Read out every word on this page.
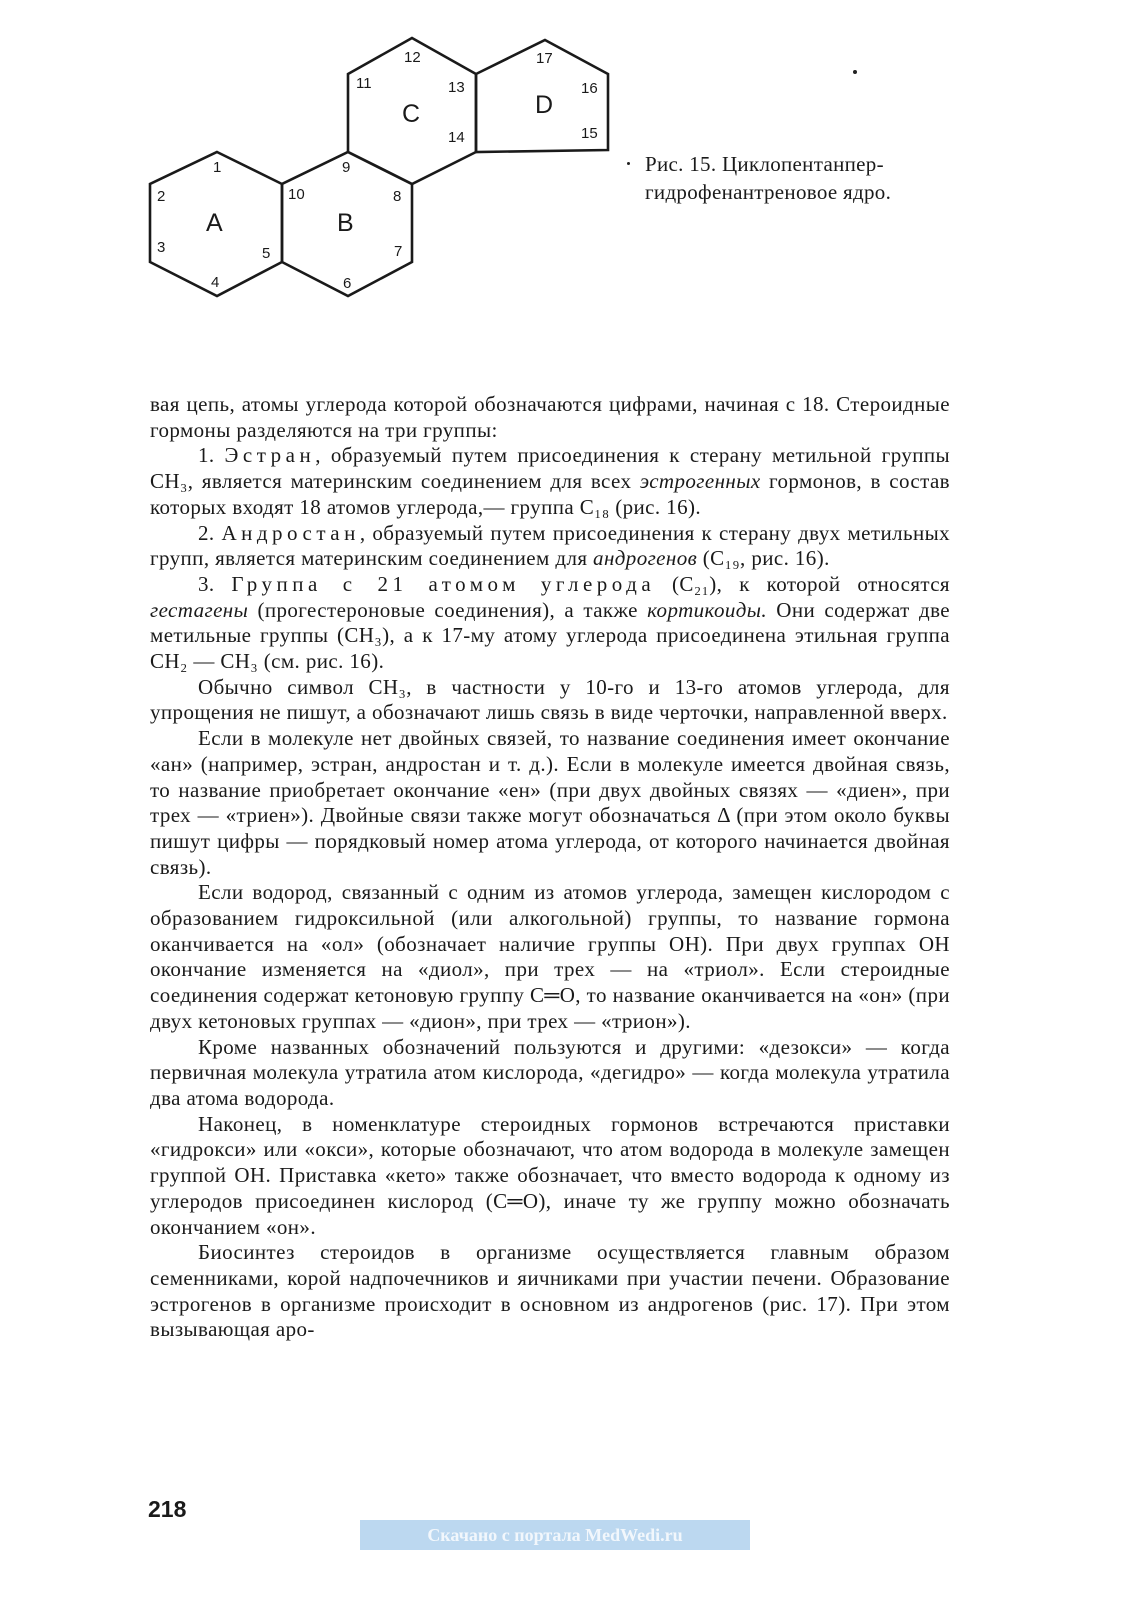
A	B
C	D
1
2
3
4
5
6
7
8
9
10
11
12
13
14	15
16
17
Рис. 15. Циклопентанпер-
гидрофенантреновое ядро.

вая цепь, атомы углерода которой обозначаются цифрами, начиная с 18. Стероидные гормоны разделяются на три группы:

1. Эстран, образуемый путем присоединения к стерану метильной группы CH₃, является материнским соединением для всех эстрогенных гормонов, в состав которых входят 18 атомов углерода,— группа C₁₈ (рис. 16).

2. Андростан, образуемый путем присоединения к стерану двух метильных групп, является материнским соединением для андрогенов (C₁₉, рис. 16).

3. Группа с 21 атомом углерода (C₂₁), к которой относятся гестагены (прогестероновые соединения), а также кортикоиды. Они содержат две метильные группы (CH₃), а к 17-му атому углерода присоединена этильная группа CH₂ — CH₃ (см. рис. 16).

Обычно символ CH₃, в частности у 10-го и 13-го атомов углерода, для упрощения не пишут, а обозначают лишь связь в виде черточки, направленной вверх.

Если в молекуле нет двойных связей, то название соединения имеет окончание «ан» (например, эстран, андростан и т. д.). Если в молекуле имеется двойная связь, то название приобретает окончание «ен» (при двух двойных связях — «диен», при трех — «триен»). Двойные связи также могут обозначаться Δ (при этом около буквы пишут цифры — порядковый номер атома углерода, от которого начинается двойная связь).

Если водород, связанный с одним из атомов углерода, замещен кислородом с образованием гидроксильной (или алкогольной) группы, то название гормона оканчивается на «ол» (обозначает наличие группы OH). При двух группах OH окончание изменяется на «диол», при трех — на «триол». Если стероидные соединения содержат кетоновую группу C═O, то название оканчивается на «он» (при двух кетоновых группах — «дион», при трех — «трион»).

Кроме названных обозначений пользуются и другими: «дезокси» — когда первичная молекула утратила атом кислорода, «дегидро» — когда молекула утратила два атома водорода.

Наконец, в номенклатуре стероидных гормонов встречаются приставки «гидрокси» или «окси», которые обозначают, что атом водорода в молекуле замещен группой OH. Приставка «кето» также обозначает, что вместо водорода к одному из углеродов присоединен кислород (C═O), иначе ту же группу можно обозначать окончанием «он».

Биосинтез стероидов в организме осуществляется главным образом семенниками, корой надпочечников и яичниками при участии печени. Образование эстрогенов в организме происходит в основном из андрогенов (рис. 17). При этом вызывающая аро-

218
Скачано с портала MedWedi.ru
